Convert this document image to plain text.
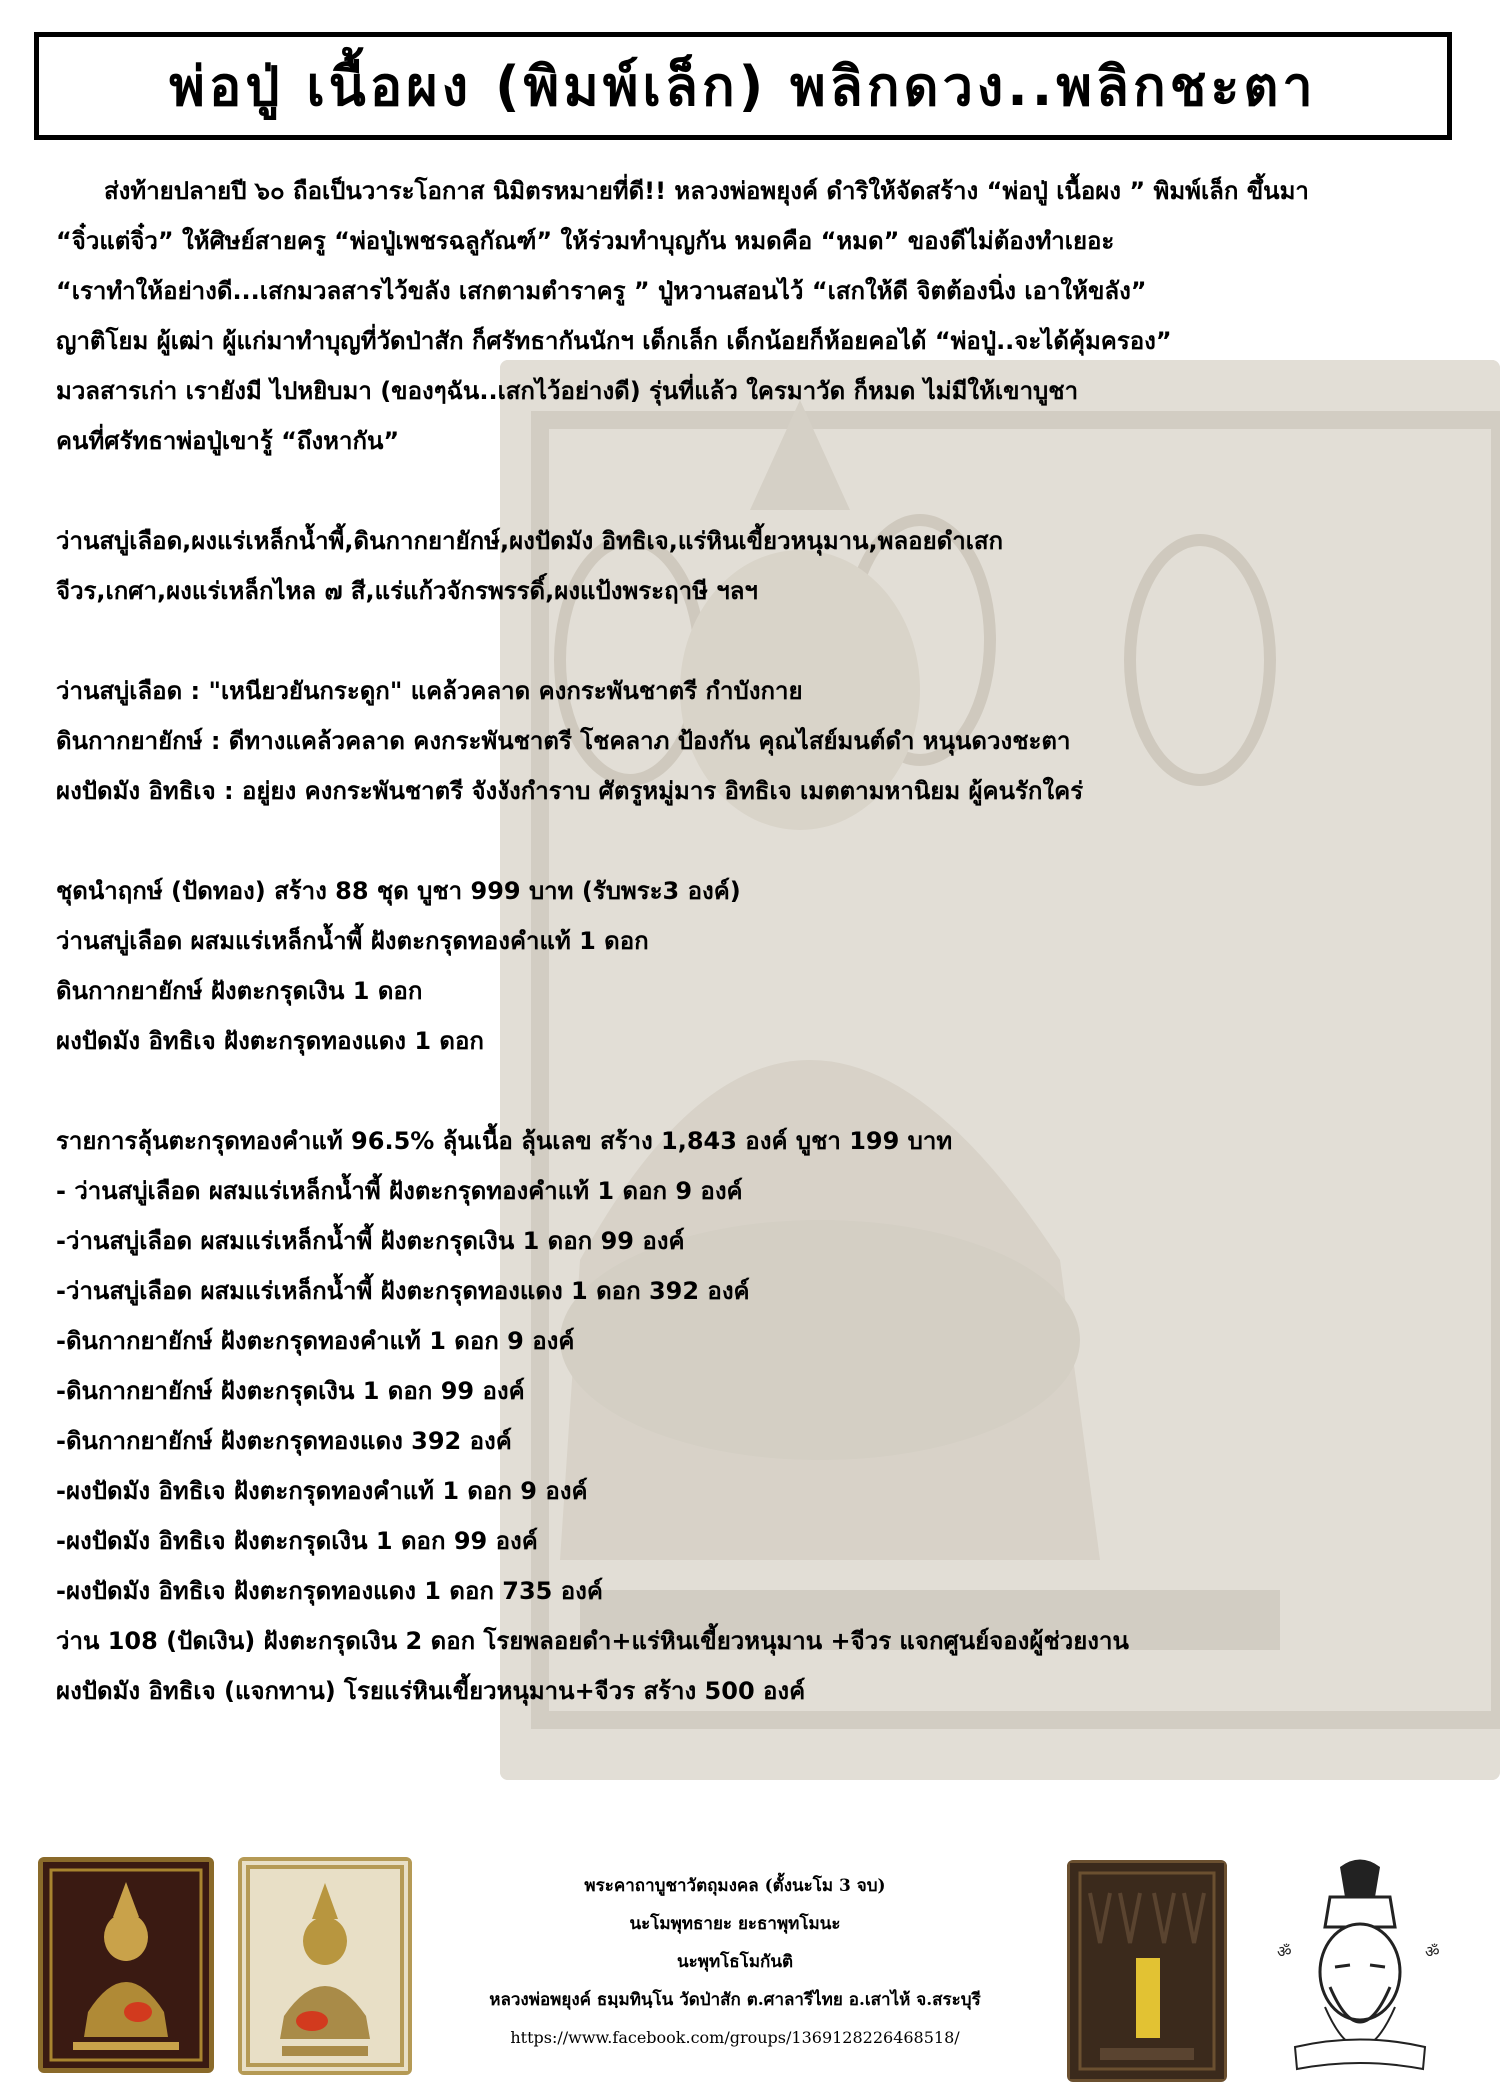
พ่อปู่ เนื้อผง (พิมพ์เล็ก) พลิกดวง..พลิกชะตา

ส่งท้ายปลายปี ๖๐ ถือเป็นวาระโอกาส นิมิตรหมายที่ดี!! หลวงพ่อพยุงค์ ดำริให้จัดสร้าง “พ่อปู่ เนื้อผง ” พิมพ์เล็ก ขึ้นมา

“จิ๋วแต่จิ๋ว” ให้ศิษย์สายครู “พ่อปู่เพชรฉลูกัณฑ์” ให้ร่วมทำบุญกัน หมดคือ “หมด” ของดีไม่ต้องทำเยอะ

“เราทำให้อย่างดี...เสกมวลสารไว้ขลัง เสกตามตำราครู ” ปู่หวานสอนไว้ “เสกให้ดี จิตต้องนิ่ง เอาให้ขลัง”

ญาติโยม ผู้เฒ่า ผู้แก่มาทำบุญที่วัดป่าสัก ก็ศรัทธากันนักฯ เด็กเล็ก เด็กน้อยก็ห้อยคอได้ “พ่อปู่..จะได้คุ้มครอง”

มวลสารเก่า เรายังมี ไปหยิบมา (ของๆฉัน..เสกไว้อย่างดี) รุ่นที่แล้ว ใครมาวัด ก็หมด ไม่มีให้เขาบูชา

คนที่ศรัทธาพ่อปู่เขารู้ “ถึงหากัน”

ว่านสบู่เลือด,ผงแร่เหล็กน้ำพี้,ดินกากยายักษ์,ผงปัดมัง อิทธิเจ,แร่หินเขี้ยวหนุมาน,พลอยดำเสก

จีวร,เกศา,ผงแร่เหล็กไหล ๗ สี,แร่แก้วจักรพรรดิ์,ผงแป้งพระฤาษี ฯลฯ

ว่านสบู่เลือด : "เหนียวยันกระดูก" แคล้วคลาด คงกระพันชาตรี กำบังกาย

ดินกากยายักษ์ : ดีทางแคล้วคลาด คงกระพันชาตรี โชคลาภ ป้องกัน คุณไสย์มนต์ดำ หนุนดวงชะตา

ผงปัดมัง อิทธิเจ : อยู่ยง คงกระพันชาตรี จังงังกำราบ ศัตรูหมู่มาร อิทธิเจ เมตตามหานิยม ผู้คนรักใคร่

ชุดนำฤกษ์ (ปัดทอง) สร้าง 88 ชุด บูชา 999 บาท (รับพระ3 องค์)

ว่านสบู่เลือด ผสมแร่เหล็กน้ำพี้ ฝังตะกรุดทองคำแท้ 1 ดอก

ดินกากยายักษ์ ฝังตะกรุดเงิน 1 ดอก

ผงปัดมัง อิทธิเจ ฝังตะกรุดทองแดง 1 ดอก

รายการลุ้นตะกรุดทองคำแท้ 96.5% ลุ้นเนื้อ ลุ้นเลข สร้าง 1,843 องค์ บูชา 199 บาท

- ว่านสบู่เลือด ผสมแร่เหล็กน้ำพี้ ฝังตะกรุดทองคำแท้ 1 ดอก 9 องค์

-ว่านสบู่เลือด ผสมแร่เหล็กน้ำพี้ ฝังตะกรุดเงิน 1 ดอก 99 องค์

-ว่านสบู่เลือด ผสมแร่เหล็กน้ำพี้ ฝังตะกรุดทองแดง 1 ดอก 392 องค์

-ดินกากยายักษ์ ฝังตะกรุดทองคำแท้ 1 ดอก 9 องค์

-ดินกากยายักษ์ ฝังตะกรุดเงิน 1 ดอก 99 องค์

-ดินกากยายักษ์ ฝังตะกรุดทองแดง 392 องค์

-ผงปัดมัง อิทธิเจ ฝังตะกรุดทองคำแท้ 1 ดอก 9 องค์

-ผงปัดมัง อิทธิเจ ฝังตะกรุดเงิน 1 ดอก 99 องค์

-ผงปัดมัง อิทธิเจ ฝังตะกรุดทองแดง 1 ดอก 735 องค์

ว่าน 108 (ปัดเงิน) ฝังตะกรุดเงิน 2 ดอก โรยพลอยดำ+แร่หินเขี้ยวหนุมาน +จีวร แจกศูนย์จองผู้ช่วยงาน

ผงปัดมัง อิทธิเจ (แจกทาน) โรยแร่หินเขี้ยวหนุมาน+จีวร สร้าง 500 องค์

พระคาถาบูชาวัตถุมงคล (ตั้งนะโม 3 จบ)

นะโมพุทธายะ ยะธาพุทโมนะ

นะพุทโธโมกันติ

หลวงพ่อพยุงค์ ธมฺมทินฺโน วัดป่าสัก ต.ศาลารีไทย อ.เสาไห้ จ.สระบุรี

https://www.facebook.com/groups/1369128226468518/

ॐ	ॐ
